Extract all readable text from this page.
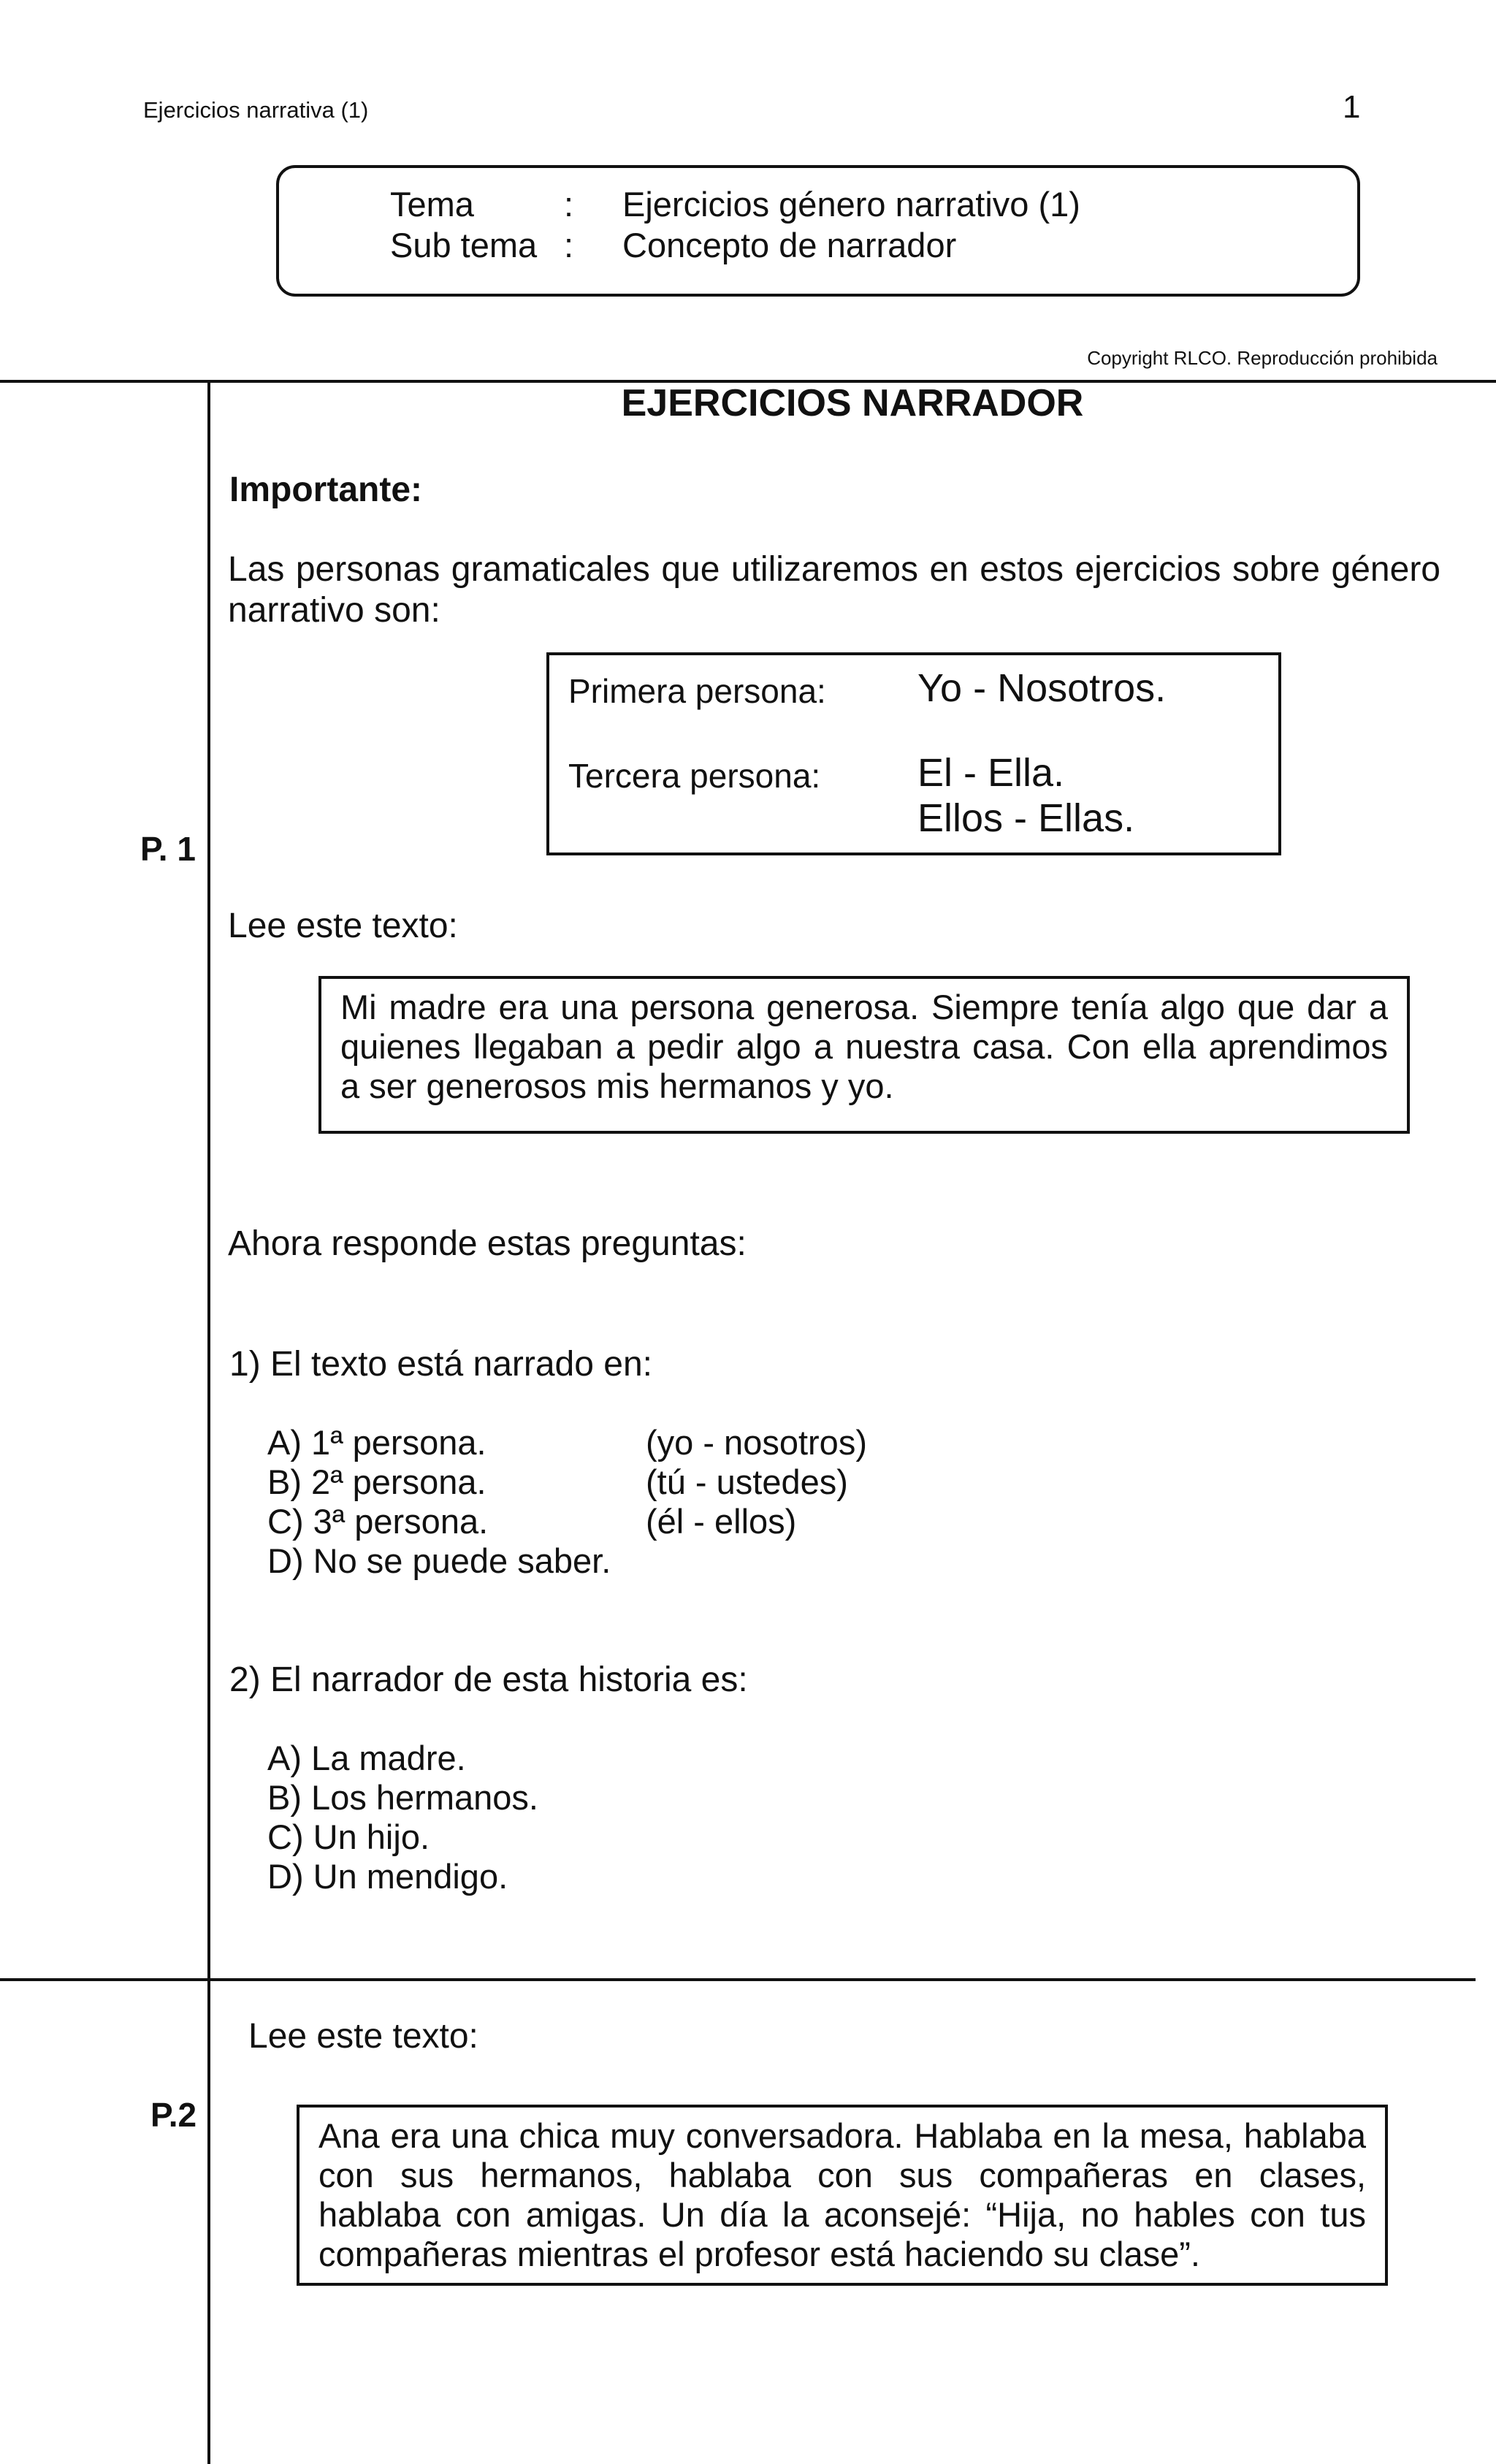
Ejercicios narrativa (1)	1
Tema	: Ejercicios género narrativo (1)
Sub tema : Concepto de narrador
Copyright RLCO. Reproducción prohibida
EJERCICIOS NARRADOR
P. 1
Importante:
Las personas gramaticales que utilizaremos en estos ejercicios sobre género
narrativo son:
Primera persona: Yo - Nosotros.
Tercera persona: El - Ella.
Ellos - Ellas.
Lee este texto:
Mi madre era una persona generosa. Siempre tenía algo que dar a
quienes llegaban a pedir algo a nuestra casa. Con ella aprendimos
a ser generosos mis hermanos y yo.
Ahora responde estas preguntas:
1) El texto está narrado en:
A) 1ª persona.	(yo - nosotros)
B) 2ª persona.	(tú - ustedes)
C) 3ª persona.	(él - ellos)
D) No se puede saber.
2) El narrador de esta historia es:
A) La madre.
B) Los hermanos.
C) Un hijo.
D) Un mendigo.
P.2
Lee este texto:
Ana era una chica muy conversadora. Hablaba en la mesa, hablaba
con sus hermanos, hablaba con sus compañeras en clases,
hablaba con amigas. Un día la aconsejé: “Hija, no hables con tus
compañeras mientras el profesor está haciendo su clase”.
